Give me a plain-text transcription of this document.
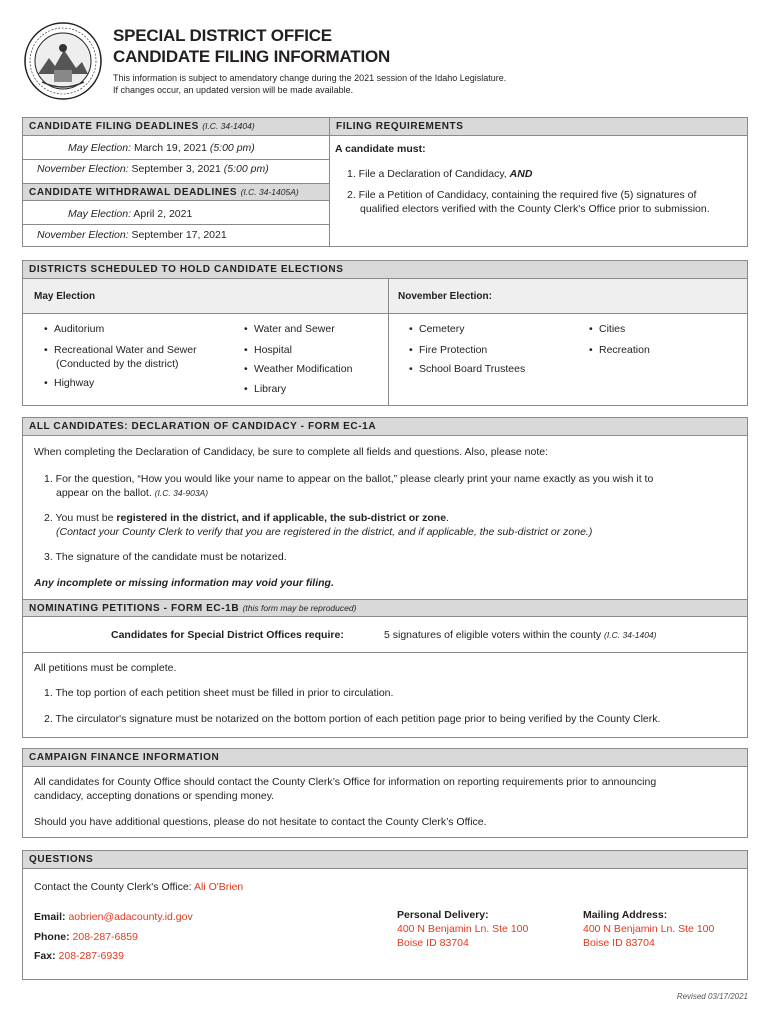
SPECIAL DISTRICT OFFICE
CANDIDATE FILING INFORMATION
This information is subject to amendatory change during the 2021 session of the Idaho Legislature.
If changes occur, an updated version will be made available.
CANDIDATE FILING DEADLINES (I.C. 34-1404)	FILING REQUIREMENTS
May Election: March 19, 2021 (5:00 pm)
November Election: September 3, 2021 (5:00 pm)
CANDIDATE WITHDRAWAL DEADLINES (I.C. 34-1405A)
May Election: April 2, 2021
November Election: September 17, 2021
A candidate must:
1. File a Declaration of Candidacy, AND
2. File a Petition of Candidacy, containing the required five (5) signatures of
qualified electors verified with the County Clerk's Office prior to submission.
DISTRICTS SCHEDULED TO HOLD CANDIDATE ELECTIONS
May Election	November Election:
• Auditorium
• Recreational Water and Sewer
(Conducted by the district)
• Highway
• Water and Sewer
• Hospital
• Weather Modification
• Library
• Cemetery
• Fire Protection
• School Board Trustees
• Cities
• Recreation
ALL CANDIDATES: DECLARATION OF CANDIDACY - FORM EC-1A
When completing the Declaration of Candidacy, be sure to complete all fields and questions. Also, please note:
1. For the question, “How you would like your name to appear on the ballot,” please clearly print your name exactly as you wish it to
appear on the ballot. (I.C. 34-903A)
2. You must be registered in the district, and if applicable, the sub-district or zone.
(Contact your County Clerk to verify that you are registered in the district, and if applicable, the sub-district or zone.)
3. The signature of the candidate must be notarized.
Any incomplete or missing information may void your filing.
NOMINATING PETITIONS - FORM EC-1B (this form may be reproduced)
Candidates for Special District Offices require:	5 signatures of eligible voters within the county (I.C. 34-1404)
All petitions must be complete.
1. The top portion of each petition sheet must be filled in prior to circulation.
2. The circulator's signature must be notarized on the bottom portion of each petition page prior to being verified by the County Clerk.
CAMPAIGN FINANCE INFORMATION
All candidates for County Office should contact the County Clerk’s Office for information on reporting requirements prior to announcing
candidacy, accepting donations or spending money.
Should you have additional questions, please do not hesitate to contact the County Clerk’s Office.
QUESTIONS
Contact the County Clerk's Office: Ali O'Brien
Email: aobrien@adacounty.id.gov
Phone: 208-287-6859
Fax: 208-287-6939
Personal Delivery:
400 N Benjamin Ln. Ste 100
Boise ID 83704
Mailing Address:
400 N Benjamin Ln. Ste 100
Boise ID 83704
Revised 03/17/2021
